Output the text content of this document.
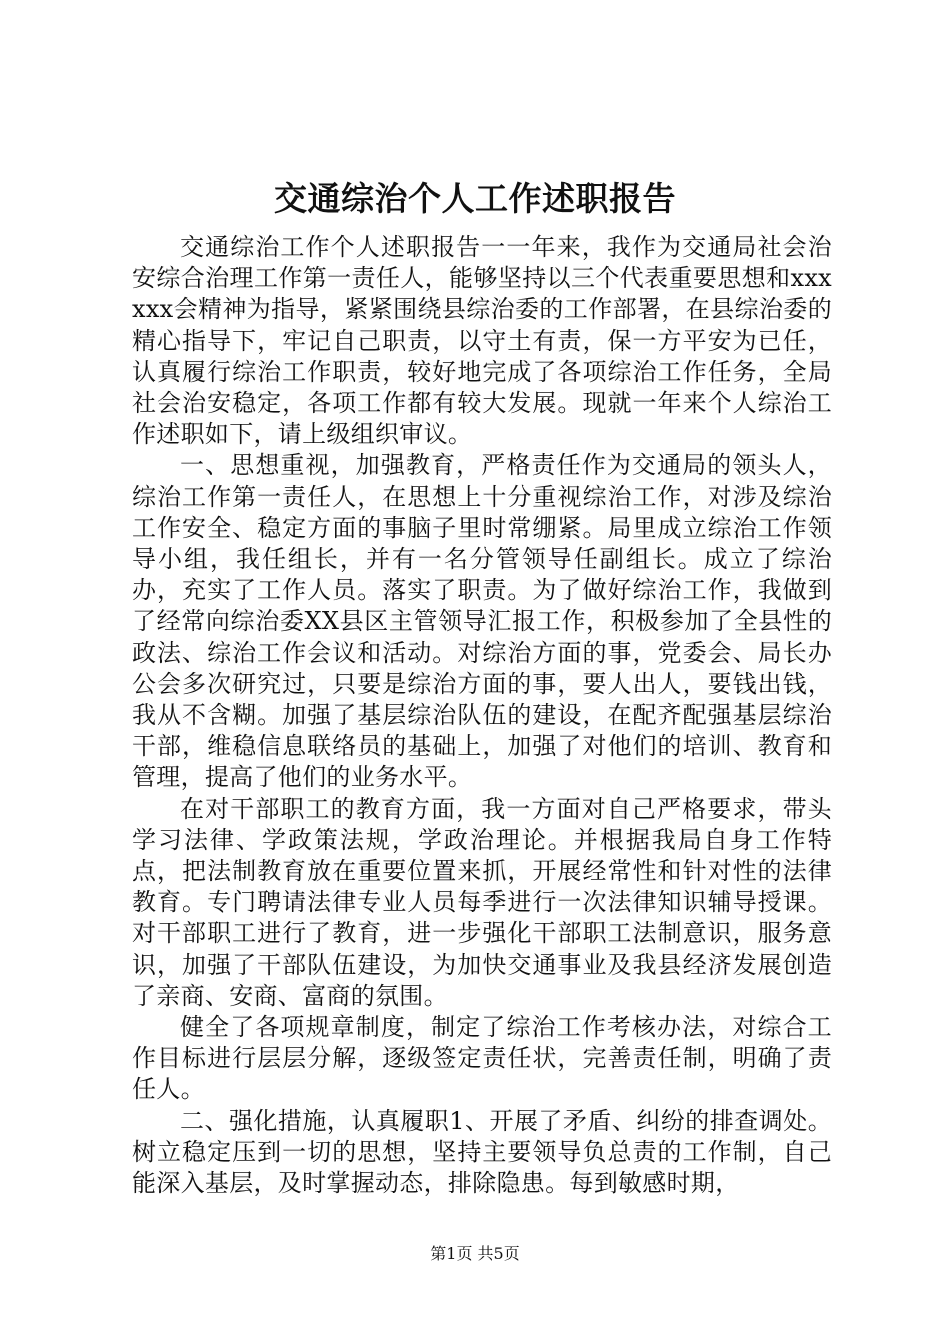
交通综治个人工作述职报告

交通综治工作个人述职报告一一年来，我作为交通局社会治安综合治理工作第一责任人，能够坚持以三个代表重要思想和xxxxxx会精神为指导，紧紧围绕县综治委的工作部署，在县综治委的精心指导下，牢记自己职责，以守土有责，保一方平安为已任，认真履行综治工作职责，较好地完成了各项综治工作任务，全局社会治安稳定，各项工作都有较大发展。现就一年来个人综治工作述职如下，请上级组织审议。

一、思想重视，加强教育，严格责任作为交通局的领头人，综治工作第一责任人，在思想上十分重视综治工作，对涉及综治工作安全、稳定方面的事脑子里时常绷紧。局里成立综治工作领导小组，我任组长，并有一名分管领导任副组长。成立了综治办，充实了工作人员。落实了职责。为了做好综治工作，我做到了经常向综治委XX县区主管领导汇报工作，积极参加了全县性的政法、综治工作会议和活动。对综治方面的事，党委会、局长办公会多次研究过，只要是综治方面的事，要人出人，要钱出钱，我从不含糊。加强了基层综治队伍的建设，在配齐配强基层综治干部，维稳信息联络员的基础上，加强了对他们的培训、教育和管理，提高了他们的业务水平。

在对干部职工的教育方面，我一方面对自己严格要求，带头学习法律、学政策法规，学政治理论。并根据我局自身工作特点，把法制教育放在重要位置来抓，开展经常性和针对性的法律教育。专门聘请法律专业人员每季进行一次法律知识辅导授课。对干部职工进行了教育，进一步强化干部职工法制意识，服务意识，加强了干部队伍建设，为加快交通事业及我县经济发展创造了亲商、安商、富商的氛围。

健全了各项规章制度，制定了综治工作考核办法，对综合工作目标进行层层分解，逐级签定责任状，完善责任制，明确了责任人。

二、强化措施，认真履职1、开展了矛盾、纠纷的排查调处。树立稳定压到一切的思想，坚持主要领导负总责的工作制，自己能深入基层，及时掌握动态，排除隐患。每到敏感时期，

第1页 共5页
